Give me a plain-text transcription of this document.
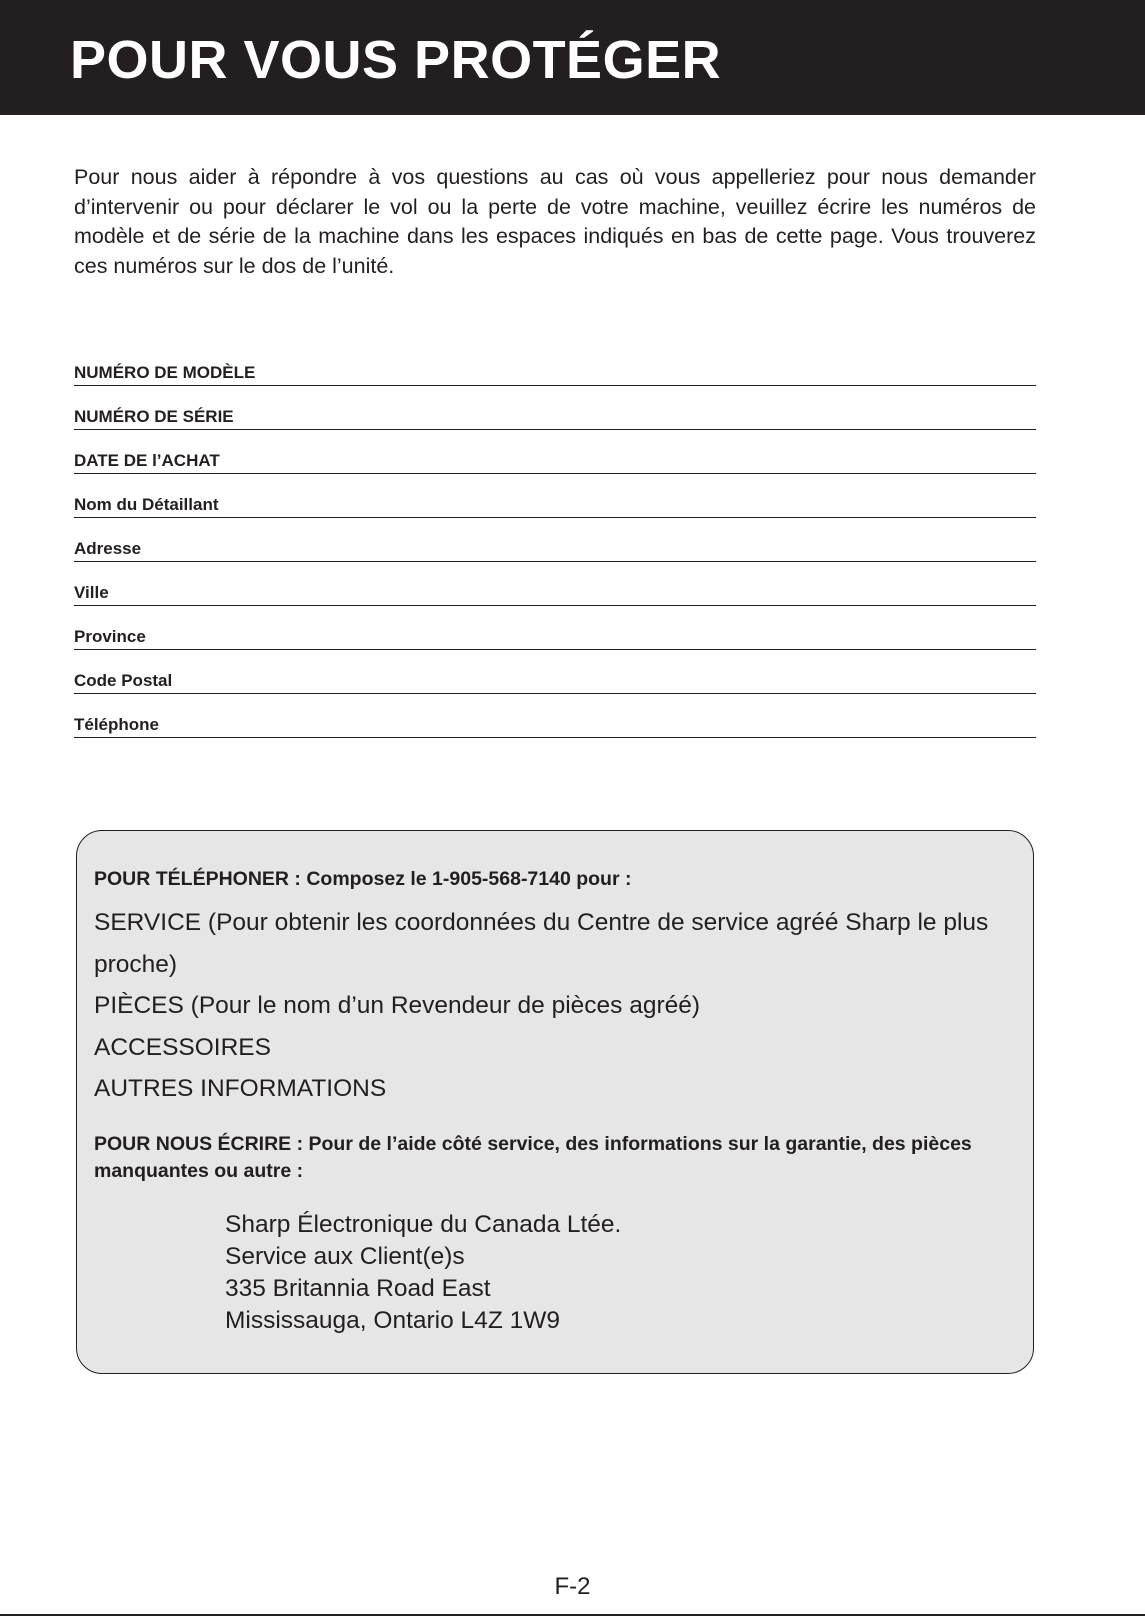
POUR VOUS PROTÉGER

Pour nous aider à répondre à vos questions au cas où vous appelleriez pour nous demander d’intervenir ou pour déclarer le vol ou la perte de votre machine, veuillez écrire les numéros de modèle et de série de la machine dans les espaces indiqués en bas de cette page. Vous trouverez ces numéros sur le dos de l’unité.

NUMÉRO DE MODÈLE
NUMÉRO DE SÉRIE
DATE DE l’ACHAT
Nom du Détaillant
Adresse
Ville
Province
Code Postal
Téléphone
POUR TÉLÉPHONER : Composez le 1-905-568-7140 pour :
SERVICE (Pour obtenir les coordonnées du Centre de service agréé Sharp le plus proche)
PIÈCES (Pour le nom d’un Revendeur de pièces agréé)
ACCESSOIRES
AUTRES INFORMATIONS
POUR NOUS ÉCRIRE : Pour de l’aide côté service, des informations sur la garantie, des pièces manquantes ou autre :
Sharp Électronique du Canada Ltée.
Service aux Client(e)s
335 Britannia Road East
Mississauga, Ontario L4Z 1W9
F-2
